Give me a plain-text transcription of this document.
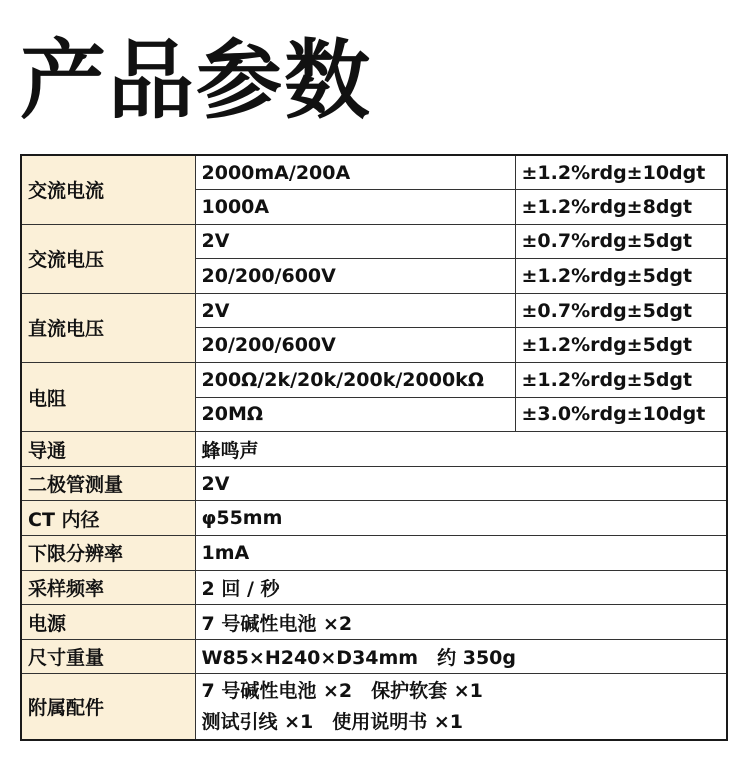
产品参数
交流电流	2000mA/200A	±1.2%rdg±10dgt
	1000A	±1.2%rdg±8dgt
交流电压	2V	±0.7%rdg±5dgt
	20/200/600V	±1.2%rdg±5dgt
直流电压	2V	±0.7%rdg±5dgt
	20/200/600V	±1.2%rdg±5dgt
电阻	200Ω/2k/20k/200k/2000kΩ	±1.2%rdg±5dgt
	20MΩ	±3.0%rdg±10dgt
导通	蜂鸣声	
二极管测量	2V	
CT 内径	φ55mm	
下限分辨率	1mA	
采样频率	2 回 / 秒	
电源	7 号碱性电池 ×2	
尺寸重量	W85×H240×D34mm　约 350g	
附属配件	7 号碱性电池 ×2　保护软套 ×1
测试引线 ×1　使用说明书 ×1	
